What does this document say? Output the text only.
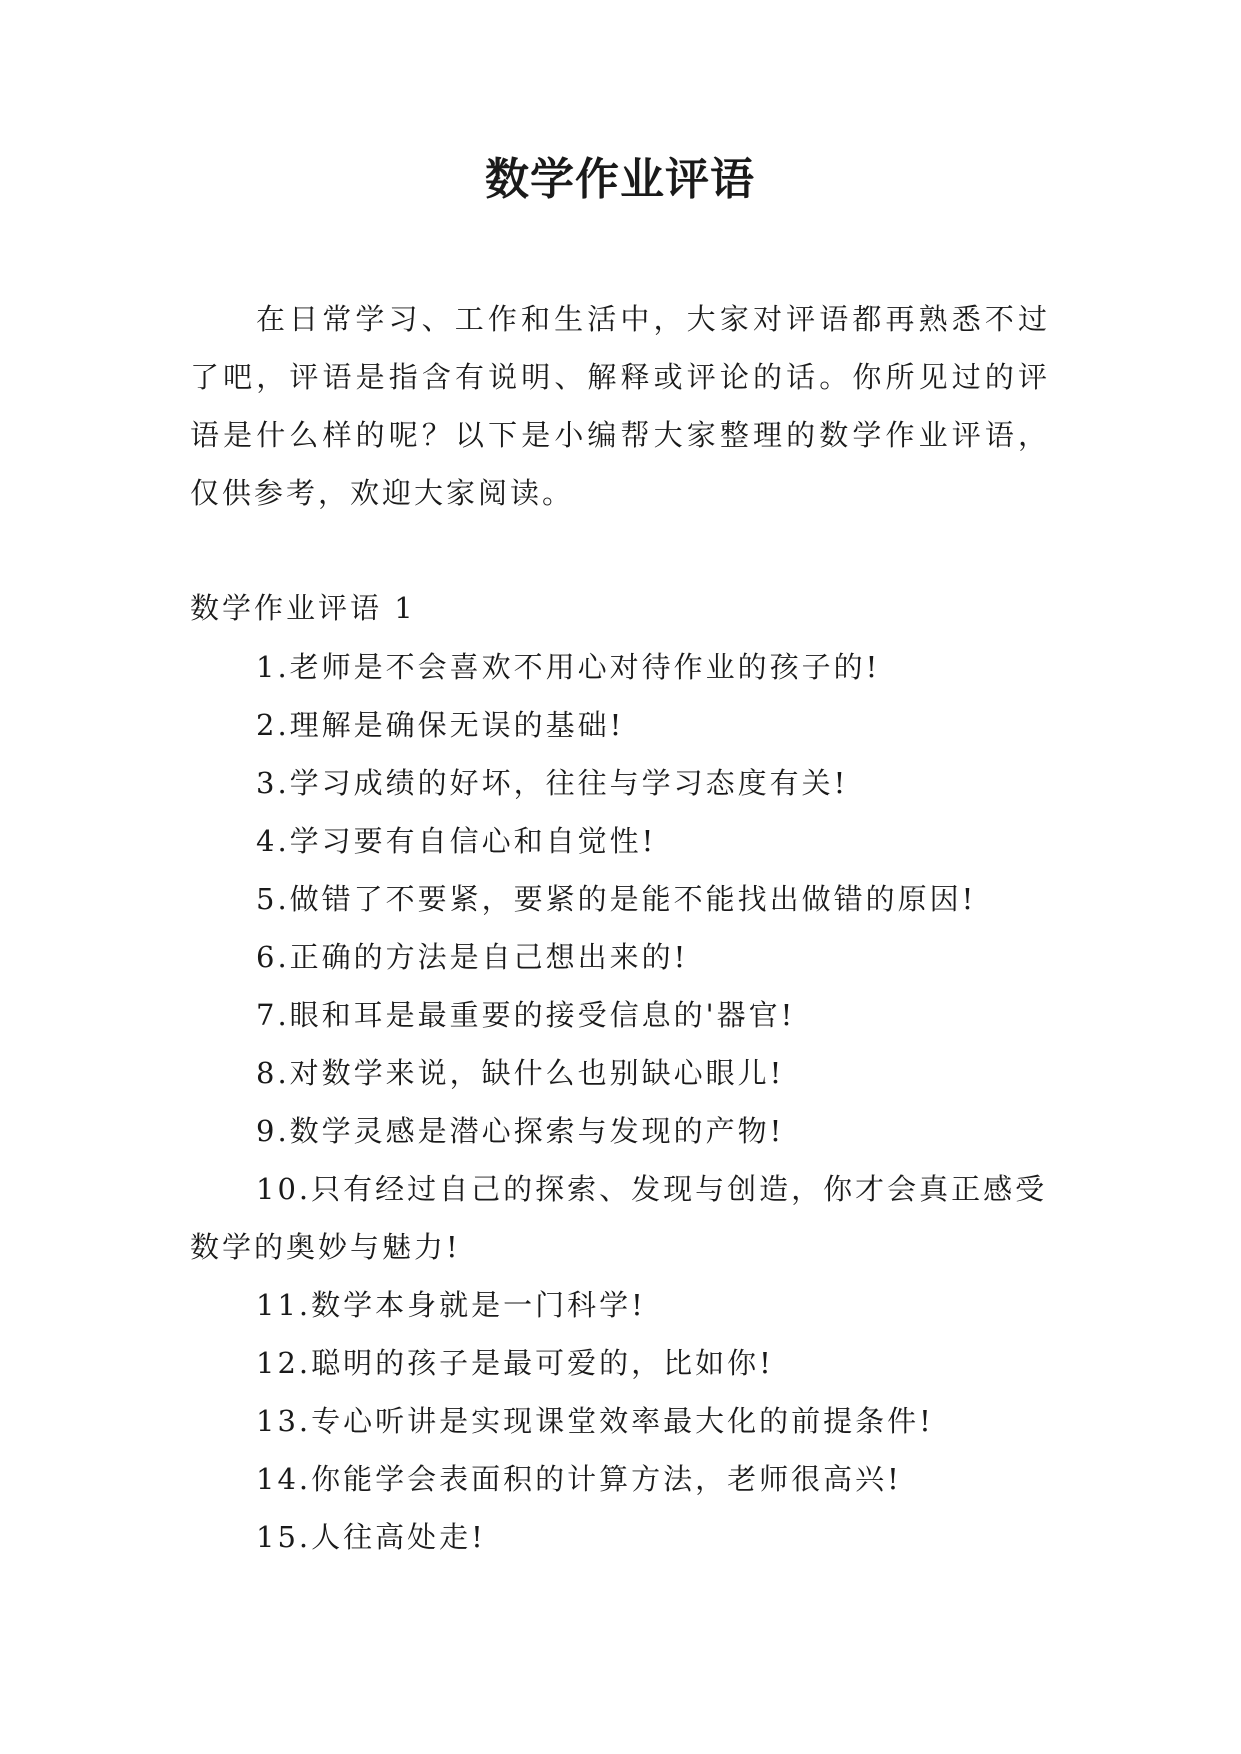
数学作业评语

在日常学习、工作和生活中，大家对评语都再熟悉不过了吧，评语是指含有说明、解释或评论的话。你所见过的评语是什么样的呢？以下是小编帮大家整理的数学作业评语，仅供参考，欢迎大家阅读。

数学作业评语 1

1.老师是不会喜欢不用心对待作业的孩子的!
2.理解是确保无误的基础!
3.学习成绩的好坏，往往与学习态度有关!
4.学习要有自信心和自觉性!
5.做错了不要紧，要紧的是能不能找出做错的原因!
6.正确的方法是自己想出来的!
7.眼和耳是最重要的接受信息的'器官!
8.对数学来说，缺什么也别缺心眼儿!
9.数学灵感是潜心探索与发现的产物!
10.只有经过自己的探索、发现与创造，你才会真正感受数学的奥妙与魅力!
11.数学本身就是一门科学!
12.聪明的孩子是最可爱的，比如你!
13.专心听讲是实现课堂效率最大化的前提条件!
14.你能学会表面积的计算方法，老师很高兴!
15.人往高处走!
